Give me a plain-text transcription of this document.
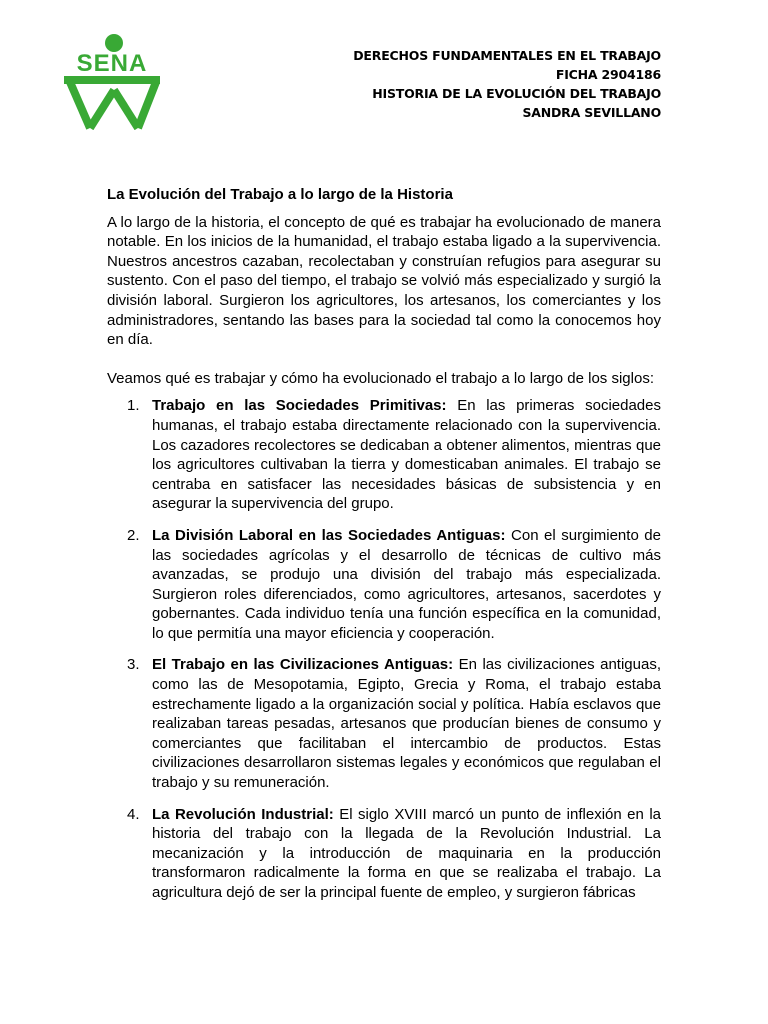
SENA	DERECHOS FUNDAMENTALES EN EL TRABAJO
FICHA 2904186
HISTORIA DE LA EVOLUCIÓN DEL TRABAJO
SANDRA SEVILLANO
La Evolución del Trabajo a lo largo de la Historia

A lo largo de la historia, el concepto de qué es trabajar ha evolucionado de manera notable. En los inicios de la humanidad, el trabajo estaba ligado a la supervivencia. Nuestros ancestros cazaban, recolectaban y construían refugios para asegurar su sustento. Con el paso del tiempo, el trabajo se volvió más especializado y surgió la división laboral. Surgieron los agricultores, los artesanos, los comerciantes y los administradores, sentando las bases para la sociedad tal como la conocemos hoy en día.

Veamos qué es trabajar y cómo ha evolucionado el trabajo a lo largo de los siglos:

1. Trabajo en las Sociedades Primitivas: En las primeras sociedades humanas, el trabajo estaba directamente relacionado con la supervivencia. Los cazadores recolectores se dedicaban a obtener alimentos, mientras que los agricultores cultivaban la tierra y domesticaban animales. El trabajo se centraba en satisfacer las necesidades básicas de subsistencia y en asegurar la supervivencia del grupo.
2. La División Laboral en las Sociedades Antiguas: Con el surgimiento de las sociedades agrícolas y el desarrollo de técnicas de cultivo más avanzadas, se produjo una división del trabajo más especializada. Surgieron roles diferenciados, como agricultores, artesanos, sacerdotes y gobernantes. Cada individuo tenía una función específica en la comunidad, lo que permitía una mayor eficiencia y cooperación.
3. El Trabajo en las Civilizaciones Antiguas: En las civilizaciones antiguas, como las de Mesopotamia, Egipto, Grecia y Roma, el trabajo estaba estrechamente ligado a la organización social y política. Había esclavos que realizaban tareas pesadas, artesanos que producían bienes de consumo y comerciantes que facilitaban el intercambio de productos. Estas civilizaciones desarrollaron sistemas legales y económicos que regulaban el trabajo y su remuneración.
4. La Revolución Industrial: El siglo XVIII marcó un punto de inflexión en la historia del trabajo con la llegada de la Revolución Industrial. La mecanización y la introducción de maquinaria en la producción transformaron radicalmente la forma en que se realizaba el trabajo. La agricultura dejó de ser la principal fuente de empleo, y surgieron fábricas
